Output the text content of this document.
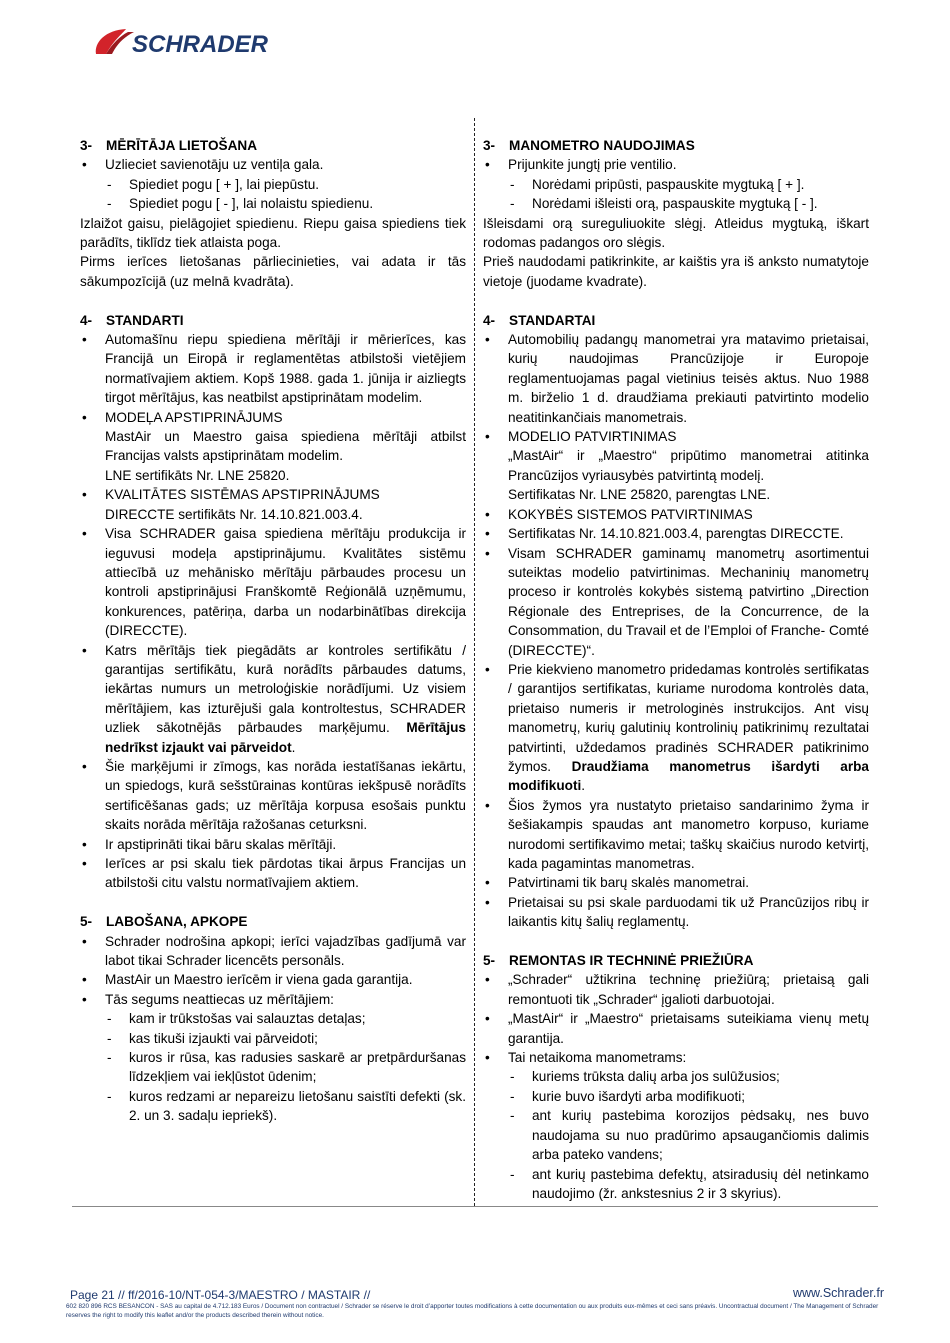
SCHRADER
3- MĒRĪTĀJA LIETOŠANA
• Uzlieciet savienotāju uz ventiļa gala.
- Spiediet pogu [ + ], lai piepūstu.
- Spiediet pogu [ - ], lai nolaistu spiedienu.
Izlaižot gaisu, pielāgojiet spiedienu. Riepu gaisa spiediens tiek parādīts, tiklīdz tiek atlaista poga.
Pirms ierīces lietošanas pārliecinieties, vai adata ir tās sākumpozīcijā (uz melnā kvadrāta).
4- STANDARTI
• Automašīnu riepu spiediena mērītāji ir mērierīces, kas Francijā un Eiropā ir reglamentētas atbilstoši vietējiem normatīvajiem aktiem. Kopš 1988. gada 1. jūnija ir aizliegts tirgot mērītājus, kas neatbilst apstiprinātam modelim.
• MODEĻA APSTIPRINĀJUMS
MastAir un Maestro gaisa spiediena mērītāji atbilst Francijas valsts apstiprinātam modelim.
LNE sertifikāts Nr. LNE 25820.
• KVALITĀTES SISTĒMAS APSTIPRINĀJUMS
DIRECCTE sertifikāts Nr. 14.10.821.003.4.
• Visa SCHRADER gaisa spiediena mērītāju produkcija ir ieguvusi modeļa apstiprinājumu. Kvalitātes sistēmu attiecībā uz mehānisko mērītāju pārbaudes procesu un kontroli apstiprinājusi Franškomtē Reģionālā uzņēmumu, konkurences, patēriņa, darba un nodarbinātības direkcija (DIRECCTE).
• Katrs mērītājs tiek piegādāts ar kontroles sertifikātu / garantijas sertifikātu, kurā norādīts pārbaudes datums, iekārtas numurs un metroloģiskie norādījumi. Uz visiem mērītājiem, kas izturējuši gala kontroltestus, SCHRADER uzliek sākotnējās pārbaudes marķējumu. Mērītājus nedrīkst izjaukt vai pārveidot.
• Šie marķējumi ir zīmogs, kas norāda iestatīšanas iekārtu, un spiedogs, kurā sešstūrainas kontūras iekšpusē norādīts sertificēšanas gads; uz mērītāja korpusa esošais punktu skaits norāda mērītāja ražošanas ceturksni.
• Ir apstiprināti tikai bāru skalas mērītāji.
• Ierīces ar psi skalu tiek pārdotas tikai ārpus Francijas un atbilstoši citu valstu normatīvajiem aktiem.
5- LABOŠANA, APKOPE
• Schrader nodrošina apkopi; ierīci vajadzības gadījumā var labot tikai Schrader licencēts personāls.
• MastAir un Maestro ierīcēm ir viena gada garantija.
• Tās segums neattiecas uz mērītājiem:
- kam ir trūkstošas vai salauztas detaļas;
- kas tikuši izjaukti vai pārveidoti;
- kuros ir rūsa, kas radusies saskarē ar pretpārduršanas līdzekļiem vai iekļūstot ūdenim;
- kuros redzami ar nepareizu lietošanu saistīti defekti (sk. 2. un 3. sadaļu iepriekš).
3- MANOMETRO NAUDOJIMAS
• Prijunkite jungtį prie ventilio.
- Norėdami pripūsti, paspauskite mygtuką [ + ].
- Norėdami išleisti orą, paspauskite mygtuką [ - ].
Išleisdami orą sureguliuokite slėgį. Atleidus mygtuką, iškart rodomas padangos oro slėgis.
Prieš naudodami patikrinkite, ar kaištis yra iš anksto numatytoje vietoje (juodame kvadrate).
4- STANDARTAI
• Automobilių padangų manometrai yra matavimo prietaisai, kurių naudojimas Prancūzijoje ir Europoje reglamentuojamas pagal vietinius teisės aktus. Nuo 1988 m. birželio 1 d. draudžiama prekiauti patvirtinto modelio neatitinkančiais manometrais.
• MODELIO PATVIRTINIMAS
„MastAir“ ir „Maestro“ pripūtimo manometrai atitinka Prancūzijos vyriausybės patvirtintą modelį.
Sertifikatas Nr. LNE 25820, parengtas LNE.
• KOKYBĖS SISTEMOS PATVIRTINIMAS
• Sertifikatas Nr. 14.10.821.003.4, parengtas DIRECCTE.
• Visam SCHRADER gaminamų manometrų asortimentui suteiktas modelio patvirtinimas. Mechaninių manometrų proceso ir kontrolės kokybės sistemą patvirtino „Direction Régionale des Entreprises, de la Concurrence, de la Consommation, du Travail et de l’Emploi of Franche- Comté (DIRECCTE)“.
• Prie kiekvieno manometro pridedamas kontrolės sertifikatas / garantijos sertifikatas, kuriame nurodoma kontrolės data, prietaiso numeris ir metrologinės instrukcijos. Ant visų manometrų, kurių galutinių kontrolinių patikrinimų rezultatai patvirtinti, uždedamos pradinės SCHRADER patikrinimo žymos. Draudžiama manometrus išardyti arba modifikuoti.
• Šios žymos yra nustatyto prietaiso sandarinimo žyma ir šešiakampis spaudas ant manometro korpuso, kuriame nurodomi sertifikavimo metai; taškų skaičius nurodo ketvirtį, kada pagamintas manometras.
• Patvirtinami tik barų skalės manometrai.
• Prietaisai su psi skale parduodami tik už Prancūzijos ribų ir laikantis kitų šalių reglamentų.
5- REMONTAS IR TECHNINĖ PRIEŽIŪRA
• „Schrader“ užtikrina techninę priežiūrą; prietaisą gali remontuoti tik „Schrader“ įgalioti darbuotojai.
• „MastAir“ ir „Maestro“ prietaisams suteikiama vienų metų garantija.
• Tai netaikoma manometrams:
- kuriems trūksta dalių arba jos sulūžusios;
- kurie buvo išardyti arba modifikuoti;
- ant kurių pastebima korozijos pėdsakų, nes buvo naudojama su nuo pradūrimo apsaugančiomis dalimis arba pateko vandens;
- ant kurių pastebima defektų, atsiradusių dėl netinkamo naudojimo (žr. ankstesnius 2 ir 3 skyrius).
Page 21 // ff/2016-10/NT-054-3/MAESTRO / MASTAIR //	www.Schrader.fr
602 820 896 RCS BESANCON - SAS au capital de 4.712.183 Euros / Document non contractuel / Schrader se réserve le droit d’apporter toutes modifications à cette documentation ou aux produits eux-mêmes et ceci sans préavis. Uncontractual document / The Management of Schrader reserves the right to modify this leaflet and/or the products described therein without notice.
